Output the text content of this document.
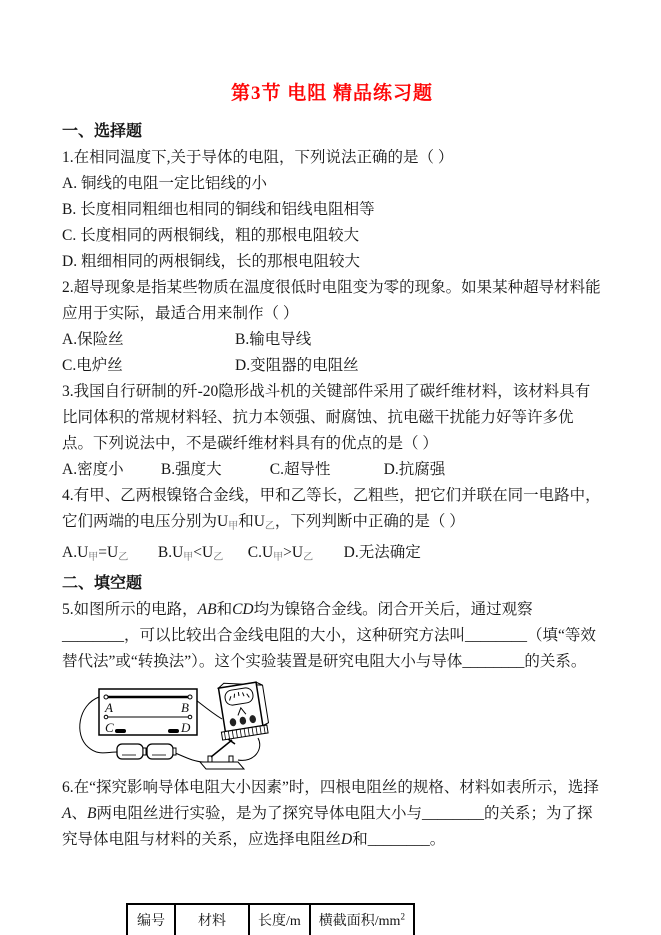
第3节 电阻 精品练习题
一、选择题

1.在相同温度下,关于导体的电阻，下列说法正确的是（ ）

A. 铜线的电阻一定比铝线的小

B. 长度相同粗细也相同的铜线和铝线电阻相等

C. 长度相同的两根铜线，粗的那根电阻较大

D. 粗细相同的两根铜线，长的那根电阻较大

2.超导现象是指某些物质在温度很低时电阻变为零的现象。如果某种超导材料能应用于实际，最适合用来制作（ ）

A.保险丝	B.输电导线
C.电炉丝	D.变阻器的电阻丝

3.我国自行研制的歼-20隐形战斗机的关键部件采用了碳纤维材料，该材料具有比同体积的常规材料轻、抗力本领强、耐腐蚀、抗电磁干扰能力好等许多优点。下列说法中，不是碳纤维材料具有的优点的是（ ）

A.密度小 B.强度大	C.超导性	D.抗腐强

4.有甲、乙两根镍铬合金线，甲和乙等长，乙粗些，把它们并联在同一电路中，它们两端的电压分别为$U_甲$和$U_乙$，下列判断中正确的是（ ）

$A.U_甲=U_乙$ $B.U_甲<U_乙$ $C.U_甲>U_乙$ D.无法确定

二、填空题

5.如图所示的电路，AB和CD均为镍铬合金线。闭合开关后，通过观察________，可以比较出合金线电阻的大小，这种研究方法叫________（填“等效替代法”或“转换法”）。这个实验装置是研究电阻大小与导体________的关系。

A	B
C	D

6.在“探究影响导体电阻大小因素”时，四根电阻丝的规格、材料如表所示，选择A、B两电阻丝进行实验，是为了探究导体电阻大小与________的关系；为了探究导体电阻与材料的关系，应选择电阻丝D和________。

编号	材料	长度/m	横截面积$/mm^2$
